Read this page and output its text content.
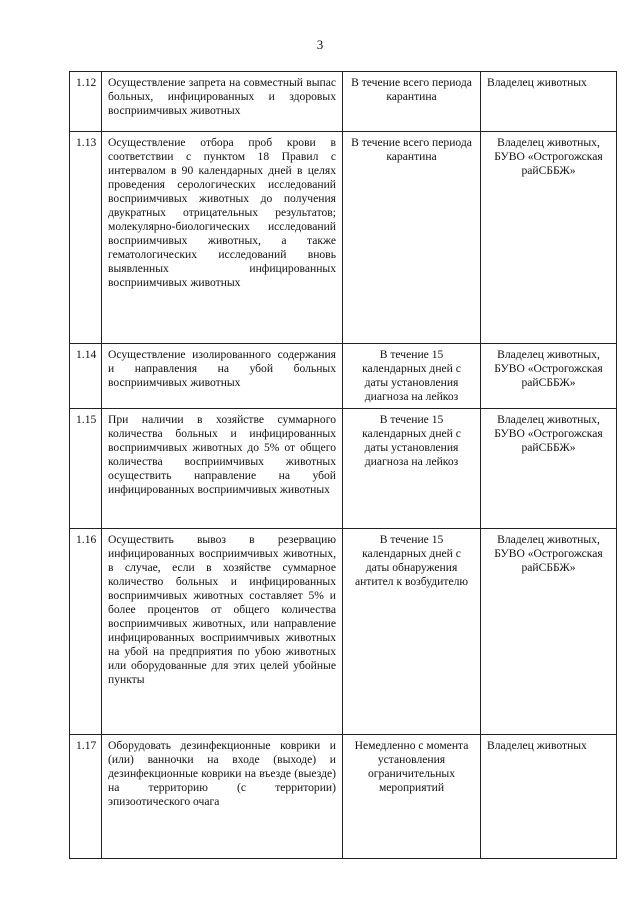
3
1.12	Осуществление запрета на совместный выпас больных, инфицированных и здоровых восприимчивых животных	В течение всего периода карантина	Владелец животных
1.13	Осуществление отбора проб крови в соответствии с пунктом 18 Правил с интервалом в 90 календарных дней в целях проведения серологических исследований восприимчивых животных до получения двукратных отрицательных результатов; молекулярно-биологических исследований восприимчивых животных, а также гематологических исследований вновь выявленных инфицированных восприимчивых животных	В течение всего периода карантина	Владелец животных, БУВО «Острогожская райСББЖ»
1.14	Осуществление изолированного содержания и направления на убой больных восприимчивых животных	В течение 15 календарных дней с даты установления диагноза на лейкоз	Владелец животных, БУВО «Острогожская райСББЖ»
1.15	При наличии в хозяйстве суммарного количества больных и инфицированных восприимчивых животных до 5% от общего количества восприимчивых животных осуществить направление на убой инфицированных восприимчивых животных	В течение 15 календарных дней с даты установления диагноза на лейкоз	Владелец животных, БУВО «Острогожская райСББЖ»
1.16	Осуществить вывоз в резервацию инфицированных восприимчивых животных, в случае, если в хозяйстве суммарное количество больных и инфицированных восприимчивых животных составляет 5% и более процентов от общего количества восприимчивых животных, или направление инфицированных восприимчивых животных на убой на предприятия по убою животных или оборудованные для этих целей убойные пункты	В течение 15 календарных дней с даты обнаружения антител к возбудителю	Владелец животных, БУВО «Острогожская райСББЖ»
1.17	Оборудовать дезинфекционные коврики и (или) ванночки на входе (выходе) и дезинфекционные коврики на въезде (выезде) на территорию (с территории) эпизоотического очага	Немедленно с момента установления ограничительных мероприятий	Владелец животных
